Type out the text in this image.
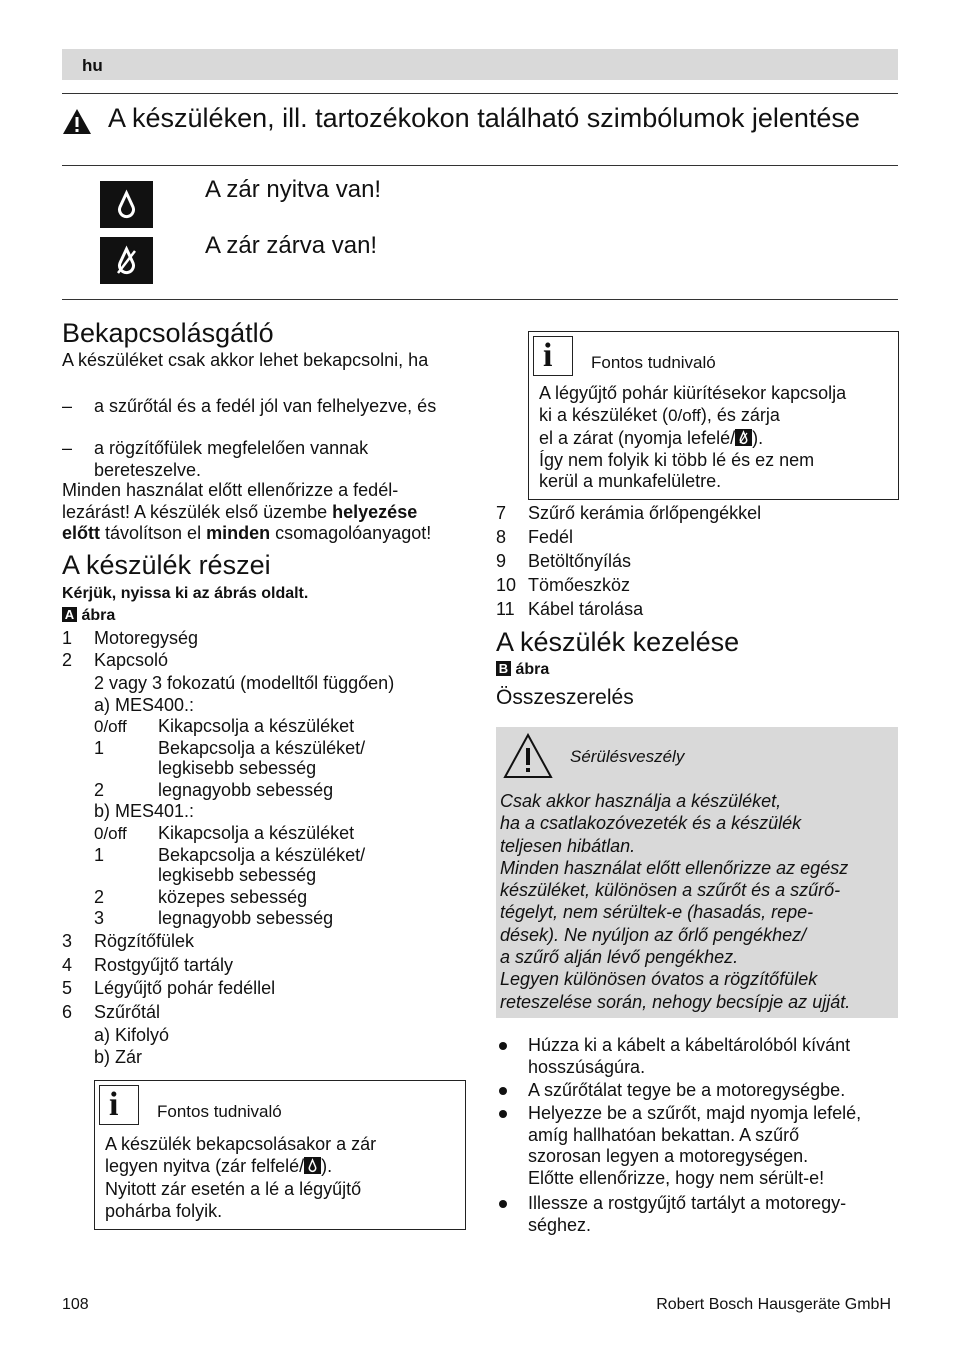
hu
A készüléken, ill. tartozékokon található szimbólumok jelentése
A zár nyitva van!
A zár zárva van!
Bekapcsolásgátló
A készüléket csak akkor lehet bekapcsolni, ha
– a szűrőtál és a fedél jól van felhelyezve, és
– a rögzítőfülek megfelelően vannak bereteszelve.
Minden használat előtt ellenőrizze a fedél-
lezárást! A készülék első üzembe helyezése
előtt távolítson el minden csomagolóanyagot!
A készülék részei
Kérjük, nyissa ki az ábrás oldalt.
A ábra
1 Motoregység
2 Kapcsoló
2 vagy 3 fokozatú (modelltől függően)
a) MES400.:
0/off Kikapcsolja a készüléket
1	Bekapcsolja a készüléket/
legkisebb sebesség
2	legnagyobb sebesség
b) MES401.:
0/off Kikapcsolja a készüléket
1	Bekapcsolja a készüléket/
legkisebb sebesség
2	közepes sebesség
3	legnagyobb sebesség
3 Rögzítőfülek
4 Rostgyűjtő tartály
5 Légyűjtő pohár fedéllel
6 Szűrőtál
a) Kifolyó
b) Zár
i Fontos tudnivaló
A készülék bekapcsolásakor a zár
legyen nyitva (zár felfelé/ ).
Nyitott zár esetén a lé a légyűjtő
pohárba folyik.
i Fontos tudnivaló
A légyűjtő pohár kiürítésekor kapcsolja
ki a készüléket (0/off), és zárja
el a zárat (nyomja lefelé/ ).
Így nem folyik ki több lé és ez nem
kerül a munkafelületre.
7 Szűrő kerámia őrlőpengékkel
8 Fedél
9 Betöltőnyílás
10 Tömőeszköz
11 Kábel tárolása
A készülék kezelése
B ábra
Összeszerelés
Sérülésveszély
Csak akkor használja a készüléket,
ha a csatlakozóvezeték és a készülék
teljesen hibátlan.
Minden használat előtt ellenőrizze az egész
készüléket, különösen a szűrőt és a szűrő-
tégelyt, nem sérültek-e (hasadás, repe-
dések). Ne nyúljon az őrlő pengékhez/
a szűrő alján lévő pengékhez.
Legyen különösen óvatos a rögzítőfülek
reteszelése során, nehogy becsípje az ujját.
Húzza ki a kábelt a kábeltárolóból kívánt
hosszúságúra.
A szűrőtálat tegye be a motoregységbe.
Helyezze be a szűrőt, majd nyomja lefelé,
amíg hallhatóan bekattan. A szűrő
szorosan legyen a motoregységen.
Előtte ellenőrizze, hogy nem sérült-e!
Illessze a rostgyűjtő tartályt a motoregy-
séghez.
108	Robert Bosch Hausgeräte GmbH
